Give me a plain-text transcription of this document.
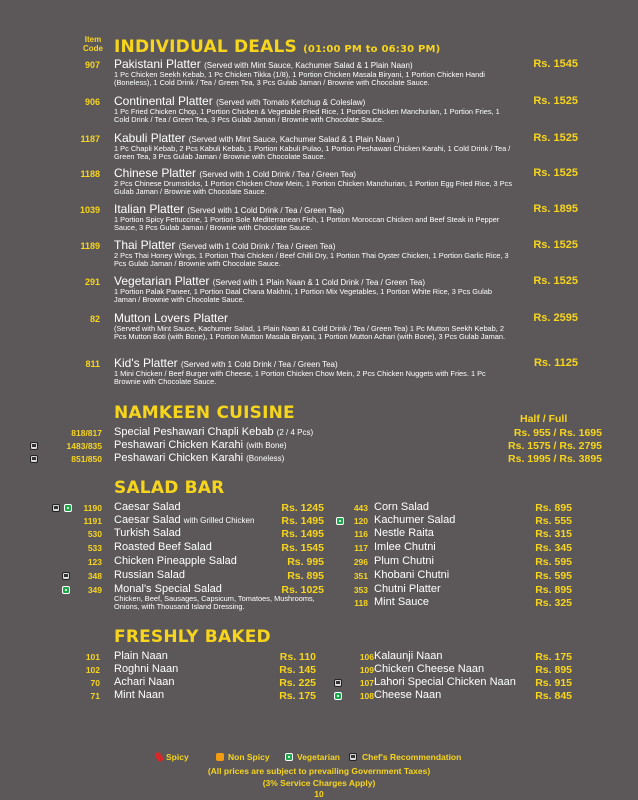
Item Code INDIVIDUAL DEALS (01:00 PM to 06:30 PM)
907 Pakistani Platter (Served with Mint Sauce, Kachumer Salad & 1 Plain Naan)	Rs. 1545
1 Pc Chicken Seekh Kebab, 1 Pc Chicken Tikka (1/8), 1 Portion Chicken Masala Biryani, 1 Portion Chicken Handi (Boneless), 1 Cold Drink / Tea / Green Tea, 3 Pcs Gulab Jaman / Brownie with Chocolate Sauce.
906 Continental Platter (Served with Tomato Ketchup & Coleslaw)	Rs. 1525
1 Pc Fried Chicken Chop, 1 Portion Chicken & Vegetable Fried Rice, 1 Portion Chicken Manchurian, 1 Portion Fries, 1 Cold Drink / Tea / Green Tea, 3 Pcs Gulab Jaman / Brownie with Chocolate Sauce.
1187 Kabuli Platter (Served with Mint Sauce, Kachumer Salad & 1 Plain Naan )	Rs. 1525
1 Pc Chapli Kebab, 2 Pcs Kabuli Kebab, 1 Portion Kabuli Pulao, 1 Portion Peshawari Chicken Karahi, 1 Cold Drink / Tea / Green Tea, 3 Pcs Gulab Jaman / Brownie with Chocolate Sauce.
1188 Chinese Platter (Served with 1 Cold Drink / Tea / Green Tea)	Rs. 1525
2 Pcs Chinese Drumsticks, 1 Portion Chicken Chow Mein, 1 Portion Chicken Manchurian, 1 Portion Egg Fried Rice, 3 Pcs Gulab Jaman / Brownie with Chocolate Sauce.
1039 Italian Platter (Served with 1 Cold Drink / Tea / Green Tea)	Rs. 1895
1 Portion Spicy Fettuccine, 1 Portion Sole Mediterranean Fish, 1 Portion Moroccan Chicken and Beef Steak in Pepper Sauce, 3 Pcs Gulab Jaman / Brownie with Chocolate Sauce.
1189 Thai Platter (Served with 1 Cold Drink / Tea / Green Tea)	Rs. 1525
2 Pcs Thai Honey Wings, 1 Portion Thai Chicken / Beef Chilli Dry, 1 Portion Thai Oyster Chicken, 1 Portion Garlic Rice, 3 Pcs Gulab Jaman / Brownie with Chocolate Sauce.
291 Vegetarian Platter (Served with 1 Plain Naan & 1 Cold Drink / Tea / Green Tea)	Rs. 1525
1 Portion Palak Paneer, 1 Portion Daal Chana Makhni, 1 Portion Mix Vegetables, 1 Portion White Rice, 3 Pcs Gulab Jaman / Brownie with Chocolate Sauce.
82 Mutton Lovers Platter	Rs. 2595
(Served with Mint Sauce, Kachumer Salad, 1 Plain Naan &1 Cold Drink / Tea / Green Tea) 1 Pc Mutton Seekh Kebab, 2 Pcs Mutton Boti (with Bone), 1 Portion Mutton Masala Biryani, 1 Portion Mutton Achari (with Bone), 3 Pcs Gulab Jaman.
811 Kid's Platter (Served with 1 Cold Drink / Tea / Green Tea)	Rs. 1125
1 Mini Chicken / Beef Burger with Cheese, 1 Portion Chicken Chow Mein, 2 Pcs Chicken Nuggets with Fries. 1 Pc Brownie with Chocolate Sauce.
NAMKEEN CUISINE	Half / Full
818/817 Special Peshawari Chapli Kebab (2 / 4 Pcs)	Rs. 955 / Rs. 1695
1483/835 Peshawari Chicken Karahi (with Bone)	Rs. 1575 / Rs. 2795
851/850 Peshawari Chicken Karahi (Boneless)	Rs. 1995 / Rs. 3895
SALAD BAR
1190 Caesar Salad	Rs. 1245
1191 Caesar Salad with Grilled Chicken	Rs. 1495
530 Turkish Salad	Rs. 1495
533 Roasted Beef Salad	Rs. 1545
123 Chicken Pineapple Salad	Rs. 995
348 Russian Salad	Rs. 895
349 Monal's Special Salad	Rs. 1025
Chicken, Beef, Sausages, Capsicum, Tomatoes, Mushrooms, Onions, with Thousand Island Dressing.
443 Corn Salad	Rs. 895
120 Kachumer Salad	Rs. 555
116 Nestle Raita	Rs. 315
117 Imlee Chutni	Rs. 345
296 Plum Chutni	Rs. 595
351 Khobani Chutni	Rs. 595
353 Chutni Platter	Rs. 895
118 Mint Sauce	Rs. 325
FRESHLY BAKED
101 Plain Naan	Rs. 110
102 Roghni Naan	Rs. 145
70 Achari Naan	Rs. 225
71 Mint Naan	Rs. 175
106 Kalaunji Naan	Rs. 175
109 Chicken Cheese Naan	Rs. 895
107 Lahori Special Chicken Naan	Rs. 915
108 Cheese Naan	Rs. 845
Spicy	Non Spicy	Vegetarian	Chef's Recommendation
(All prices are subject to prevailing Government Taxes)
(3% Service Charges Apply)
10
